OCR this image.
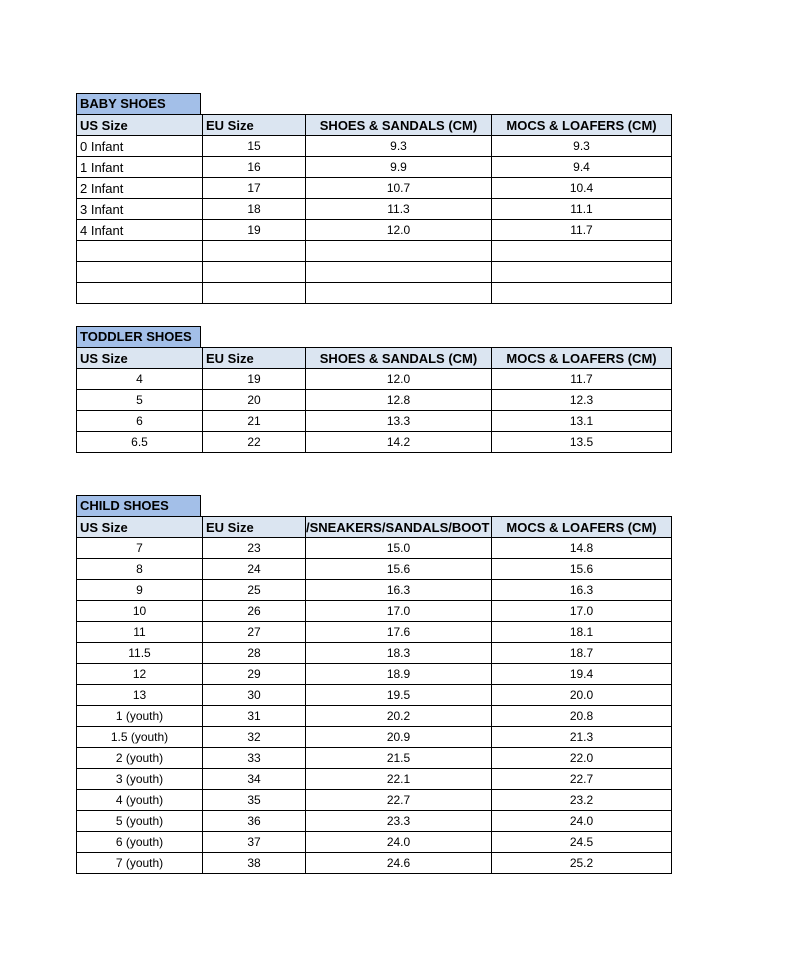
BABY SHOES
US Size	EU Size	SHOES & SANDALS (CM)	MOCS & LOAFERS (CM)
0 Infant	15	9.3	9.3
1 Infant	16	9.9	9.4
2 Infant	17	10.7	10.4
3 Infant	18	11.3	11.1
4 Infant	19	12.0	11.7

TODDLER SHOES
US Size	EU Size	SHOES & SANDALS (CM)	MOCS & LOAFERS (CM)
4	19	12.0	11.7
5	20	12.8	12.3
6	21	13.3	13.1
6.5	22	14.2	13.5
CHILD SHOES
US Size	EU Size	/SNEAKERS/SANDALS/BOOT	MOCS & LOAFERS (CM)
7	23	15.0	14.8
8	24	15.6	15.6
9	25	16.3	16.3
10	26	17.0	17.0
11	27	17.6	18.1
11.5	28	18.3	18.7
12	29	18.9	19.4
13	30	19.5	20.0
1 (youth)	31	20.2	20.8
1.5 (youth)	32	20.9	21.3
2 (youth)	33	21.5	22.0
3 (youth)	34	22.1	22.7
4 (youth)	35	22.7	23.2
5 (youth)	36	23.3	24.0
6 (youth)	37	24.0	24.5
7 (youth)	38	24.6	25.2
